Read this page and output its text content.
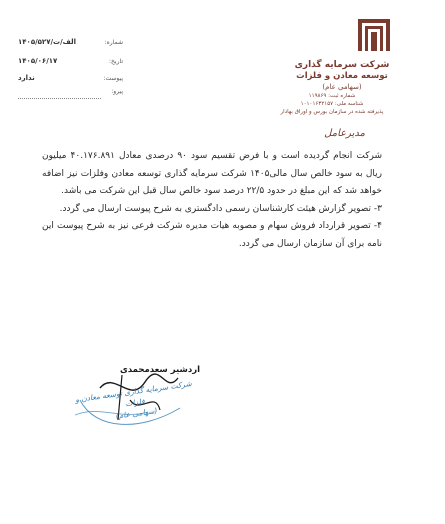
شماره:
۱۴۰۵/الف/ت/۵۲۷
تاریخ:
۱۴۰۵/۰۶/۱۷
پیوست:
ندارد
پیرو:
شرکت سرمایه گذاری
توسعه معادن و فلزات
(سهامی عام)
شماره ثبت: ۱۱۹۸۶۹
شناسه ملی: ۱۰۱۰۱۶۳۲۱۵۷
پذیرفته شده در سازمان بورس و اوراق بهادار
مدیرعامل

شرکت انجام گردیده است و با فرض تقسیم سود ۹۰ درصدی معادل ۴۰.۱۷۶.۸۹۱ میلیون ریال به سود خالص سال مالی۱۴۰۵ شرکت سرمایه گذاری توسعه معادن وفلزات نیز اضافه خواهد شد که این مبلغ در حدود ۲۲/۵ درصد سود خالص سال قبل این شرکت می باشد.

۳- تصویر گزارش هیئت کارشناسان رسمی دادگستری به شرح پیوست ارسال می گردد.

۴- تصویر قرارداد فروش سهام و مصوبه هیات مدیره شرکت فرعی نیز به شرح پیوست این نامه برای آن سازمان ارسال می گردد.

اردشیر سعدمحمدی
شرکت سرمایه گذاری توسعه معادن و فلزات
(سهامی عام)
